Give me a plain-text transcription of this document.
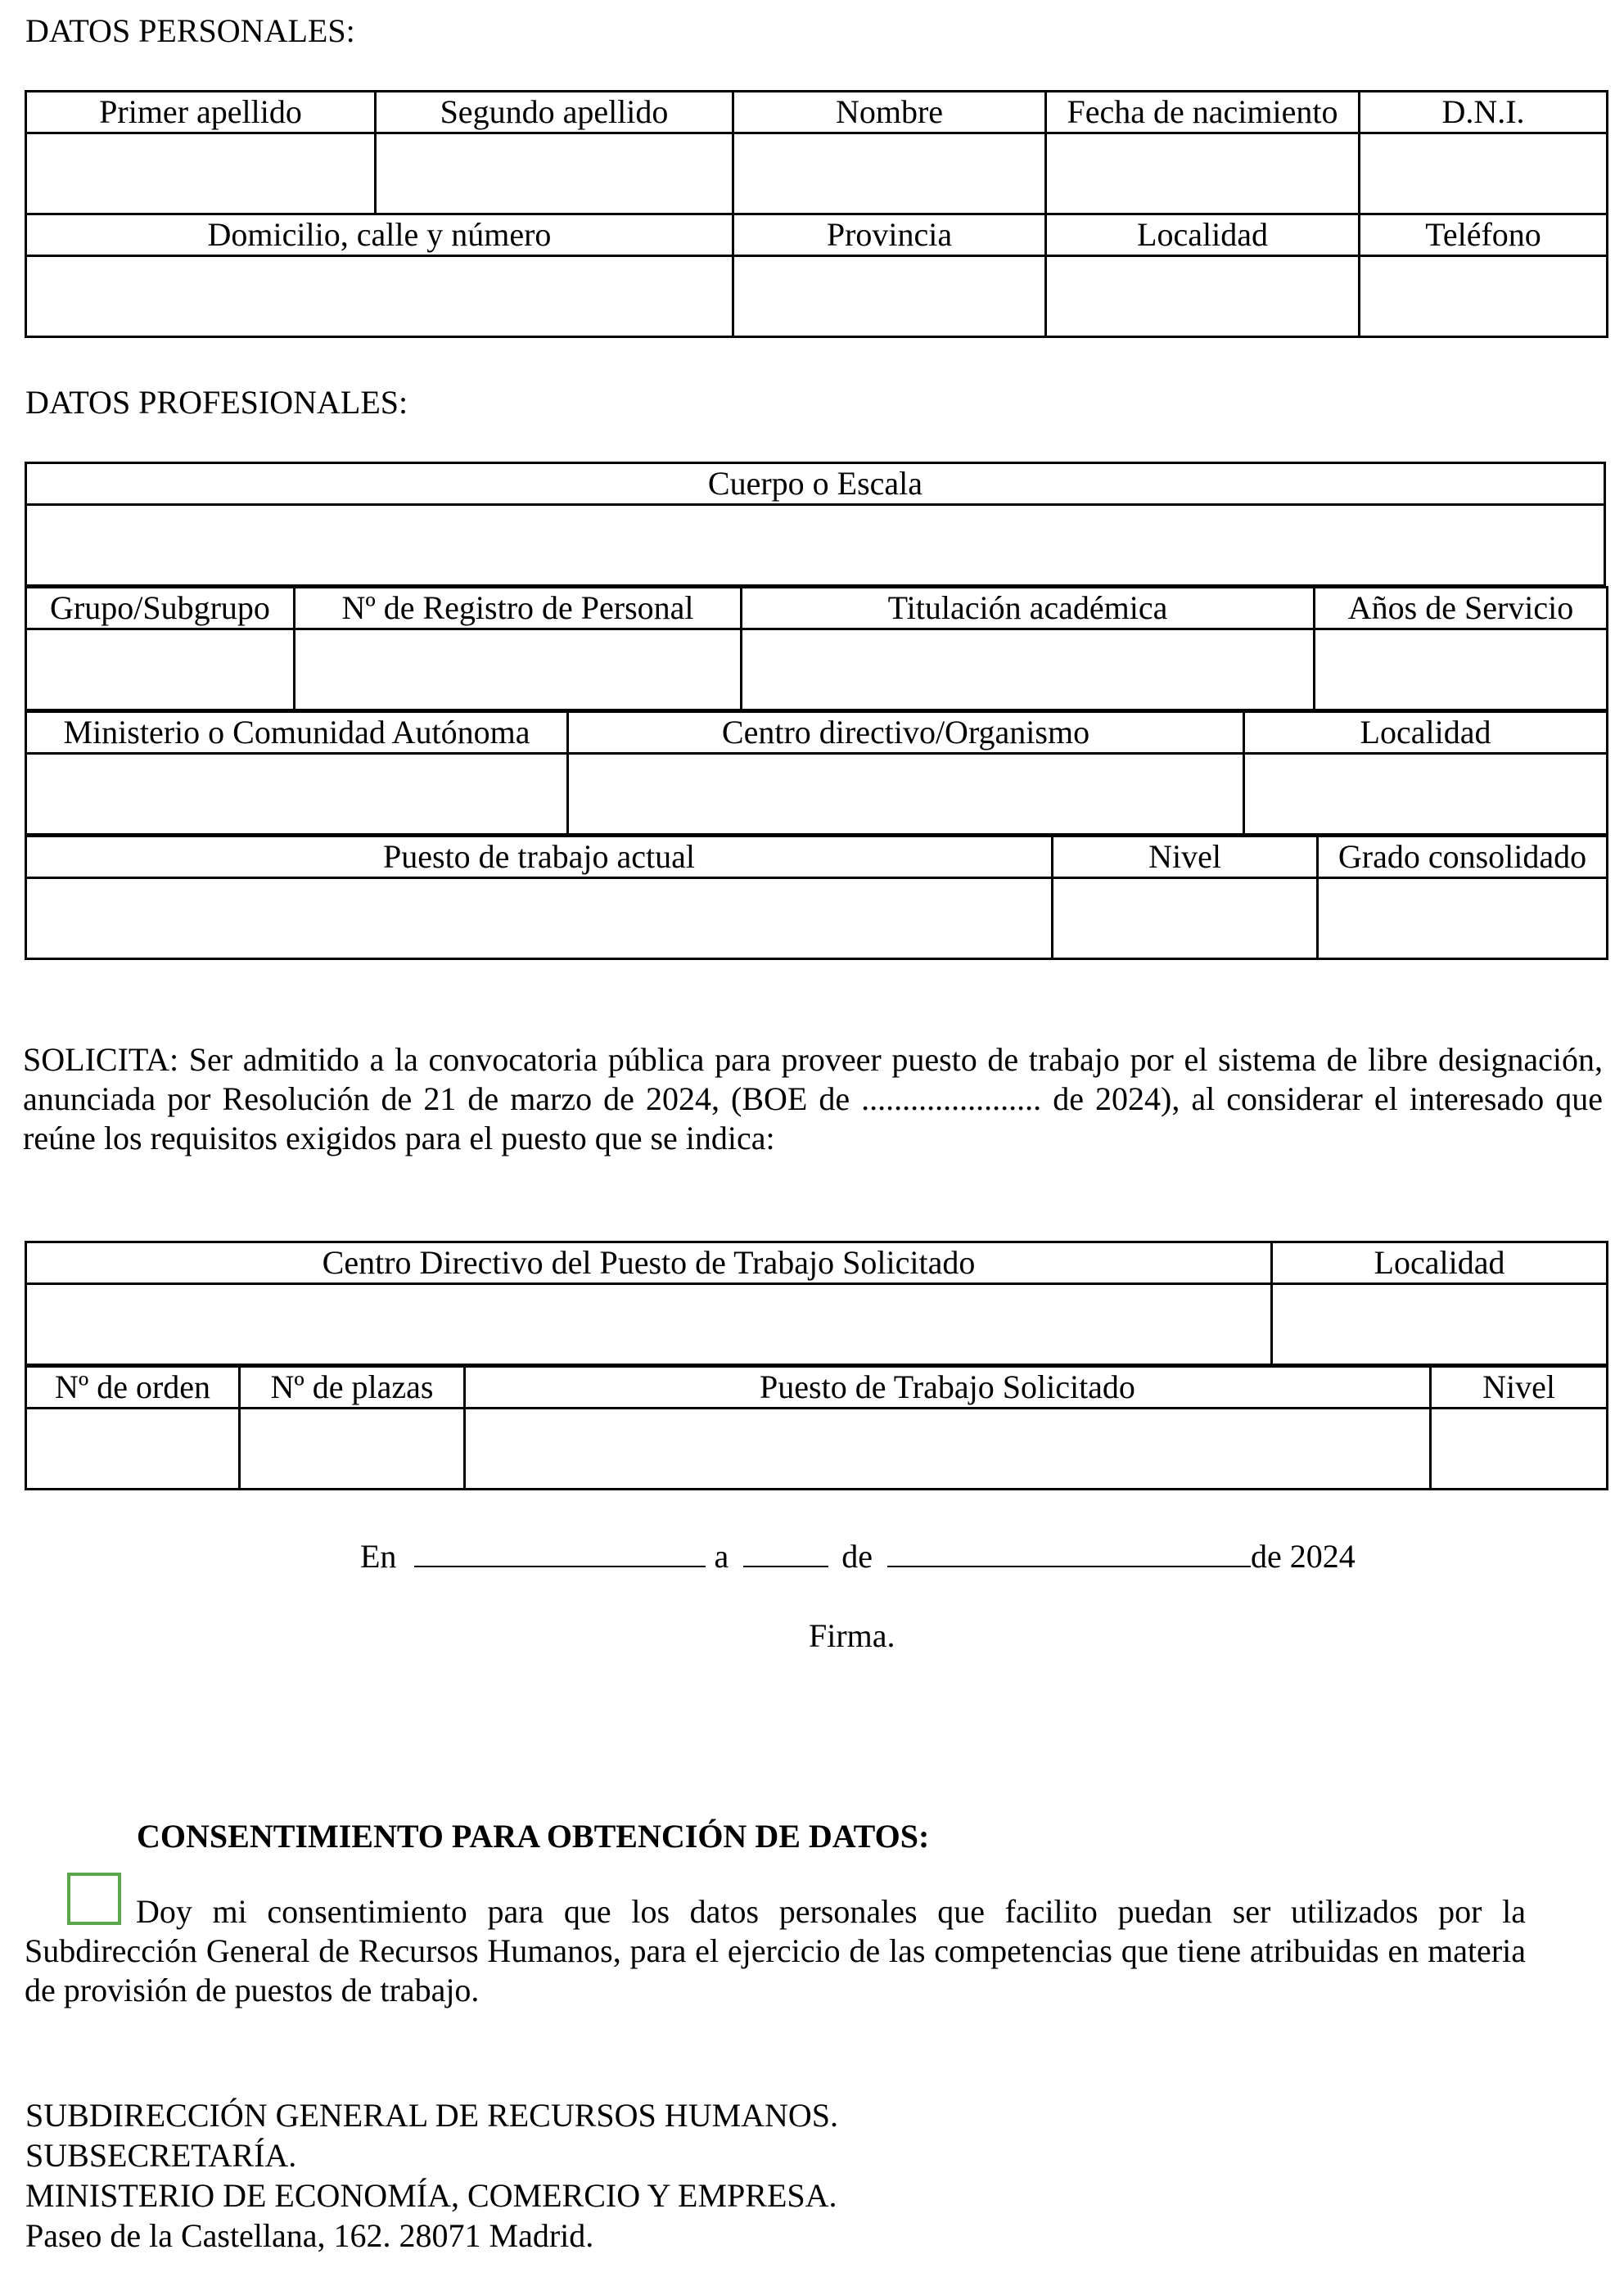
DATOS PERSONALES:
Primer apellido	Segundo apellido	Nombre	Fecha de nacimiento	D.N.I.

Domicilio, calle y número		Provincia	Localidad	Teléfono

DATOS PROFESIONALES:
Cuerpo o Escala

Grupo/Subgrupo	Nº de Registro de Personal	Titulación académica	Años de Servicio

Ministerio o Comunidad Autónoma	Centro directivo/Organismo	Localidad

Puesto de trabajo actual	Nivel	Grado consolidado

SOLICITA: Ser admitido a la convocatoria pública para proveer puesto de trabajo por el sistema de libre designación, anunciada por Resolución de 21 de marzo de 2024, (BOE de ...................... de 2024), al considerar el interesado que reúne los requisitos exigidos para el puesto que se indica:
Centro Directivo del Puesto de Trabajo Solicitado	Localidad

Nº de orden	Nº de plazas	Puesto de Trabajo Solicitado	Nivel

En	a	de	de 2024
Firma.
CONSENTIMIENTO PARA OBTENCIÓN DE DATOS:
Doy mi consentimiento para que los datos personales que facilito puedan ser utilizados por la Subdirección General de Recursos Humanos, para el ejercicio de las competencias que tiene atribuidas en materia de provisión de puestos de trabajo.
SUBDIRECCIÓN GENERAL DE RECURSOS HUMANOS.
SUBSECRETARÍA.
MINISTERIO DE ECONOMÍA, COMERCIO Y EMPRESA.
Paseo de la Castellana, 162. 28071 Madrid.
